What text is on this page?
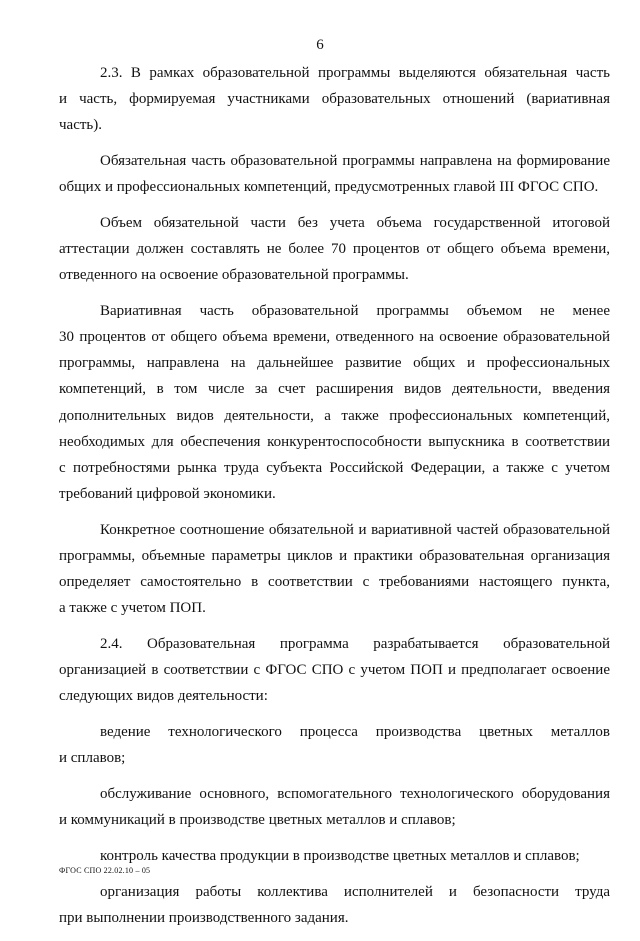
6
2.3. В рамках образовательной программы выделяются обязательная часть
и часть, формируемая участниками образовательных отношений (вариативная
часть).
Обязательная часть образовательной программы направлена на формирование
общих и профессиональных компетенций, предусмотренных главой III ФГОС СПО.
Объем обязательной части без учета объема государственной итоговой
аттестации должен составлять не более 70 процентов от общего объема времени,
отведенного на освоение образовательной программы.
Вариативная часть образовательной программы объемом не менее
30 процентов от общего объема времени, отведенного на освоение образовательной
программы, направлена на дальнейшее развитие общих и профессиональных
компетенций, в том числе за счет расширения видов деятельности, введения
дополнительных видов деятельности, а также профессиональных компетенций,
необходимых для обеспечения конкурентоспособности выпускника в соответствии
с потребностями рынка труда субъекта Российской Федерации, а также с учетом
требований цифровой экономики.
Конкретное соотношение обязательной и вариативной частей образовательной
программы, объемные параметры циклов и практики образовательная организация
определяет самостоятельно в соответствии с требованиями настоящего пункта,
а также с учетом ПОП.
2.4. Образовательная программа разрабатывается образовательной
организацией в соответствии с ФГОС СПО с учетом ПОП и предполагает освоение
следующих видов деятельности:
ведение технологического процесса производства цветных металлов
и сплавов;
обслуживание основного, вспомогательного технологического оборудования
и коммуникаций в производстве цветных металлов и сплавов;
контроль качества продукции в производстве цветных металлов и сплавов;
организация работы коллектива исполнителей и безопасности труда
при выполнении производственного задания.
ФГОС СПО 22.02.10 – 05
